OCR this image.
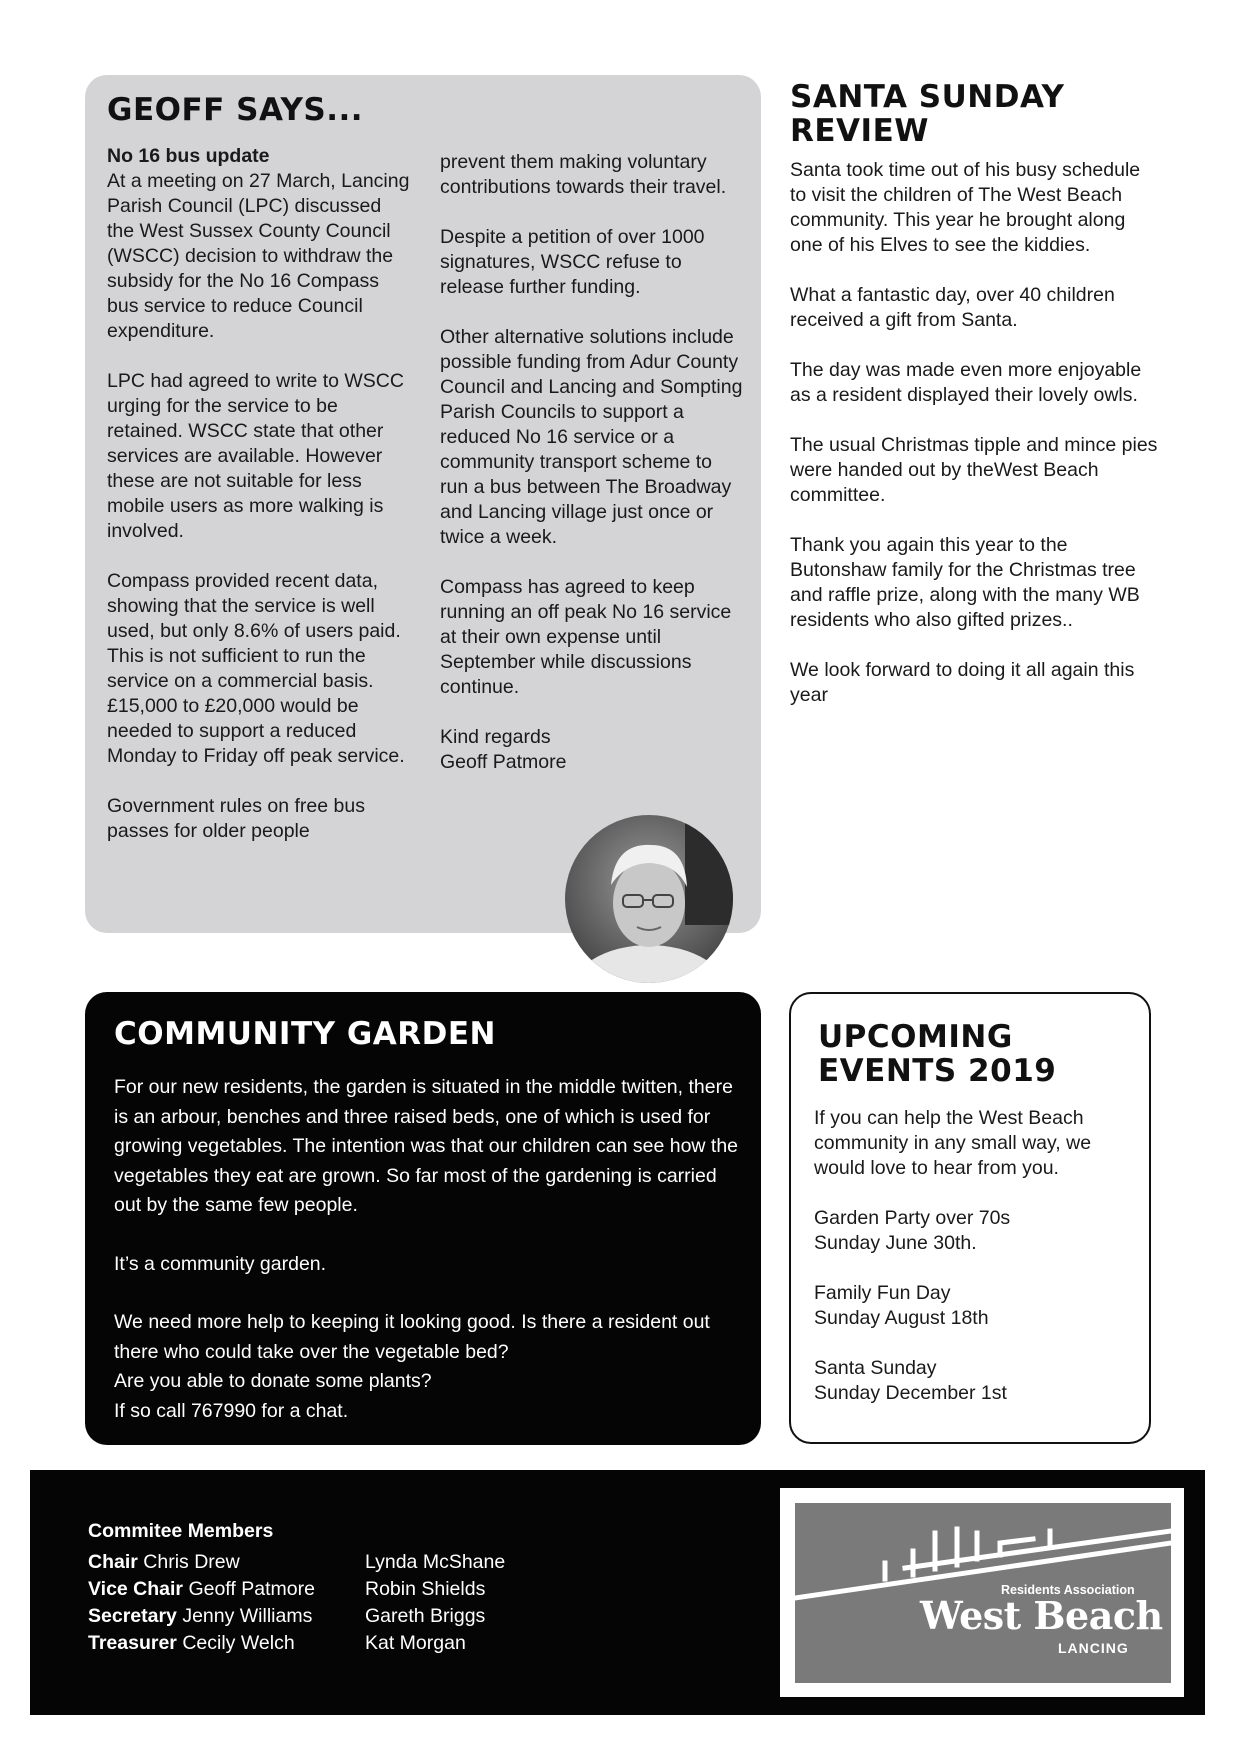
GEOFF SAYS...

No 16 bus update
At a meeting on 27 March, Lancing Parish Council (LPC) discussed the West Sussex County Council (WSCC) decision to withdraw the subsidy for the No 16 Compass bus service to reduce Council expenditure.

LPC had agreed to write to WSCC urging for the service to be retained. WSCC state that other services are available. However these are not suitable for less mobile users as more walking is involved.

Compass provided recent data, showing that the service is well used, but only 8.6% of users paid. This is not sufficient to run the service on a commercial basis. £15,000 to £20,000 would be needed to support a reduced Monday to Friday off peak service.

Government rules on free bus passes for older people

prevent them making voluntary contributions towards their travel.

Despite a petition of over 1000 signatures, WSCC refuse to release further funding.

Other alternative solutions include possible funding from Adur County Council and Lancing and Sompting Parish Councils to support a reduced No 16 service or a community transport scheme to run a bus between The Broadway and Lancing village just once or twice a week.

Compass has agreed to keep running an off peak No 16 service at their own expense until September while discussions continue.

Kind regards
Geoff Patmore

SANTA SUNDAY REVIEW

Santa took time out of his busy schedule to visit the children of The West Beach community. This year he brought along one of his Elves to see the kiddies.

What a fantastic day, over 40 children received a gift from Santa.

The day was made even more enjoyable as a resident displayed their lovely owls.

The usual Christmas tipple and mince pies were handed out by theWest Beach committee.

Thank you again this year to the Butonshaw family for the Christmas tree and raffle prize, along with the many WB residents who also gifted prizes..

We look forward to doing it all again this year

COMMUNITY GARDEN

For our new residents, the garden is situated in the middle twitten, there is an arbour, benches and three raised beds, one of which is used for growing vegetables. The intention was that our children can see how the vegetables they eat are grown. So far most of the gardening is carried out by the same few people.

It’s a community garden.

We need more help to keeping it looking good. Is there a resident out there who could take over the vegetable bed?
Are you able to donate some plants?
If so call 767990 for a chat.

UPCOMING EVENTS 2019

If you can help the West Beach community in any small way, we would love to hear from you.

Garden Party over 70s
Sunday June 30th.

Family Fun Day
Sunday August 18th

Santa Sunday
Sunday December 1st

Commitee Members
Chair Chris Drew
Vice Chair Geoff Patmore
Secretary Jenny Williams
Treasurer Cecily Welch
Lynda McShane
Robin Shields
Gareth Briggs
Kat Morgan
Residents Association
West Beach
LANCING
